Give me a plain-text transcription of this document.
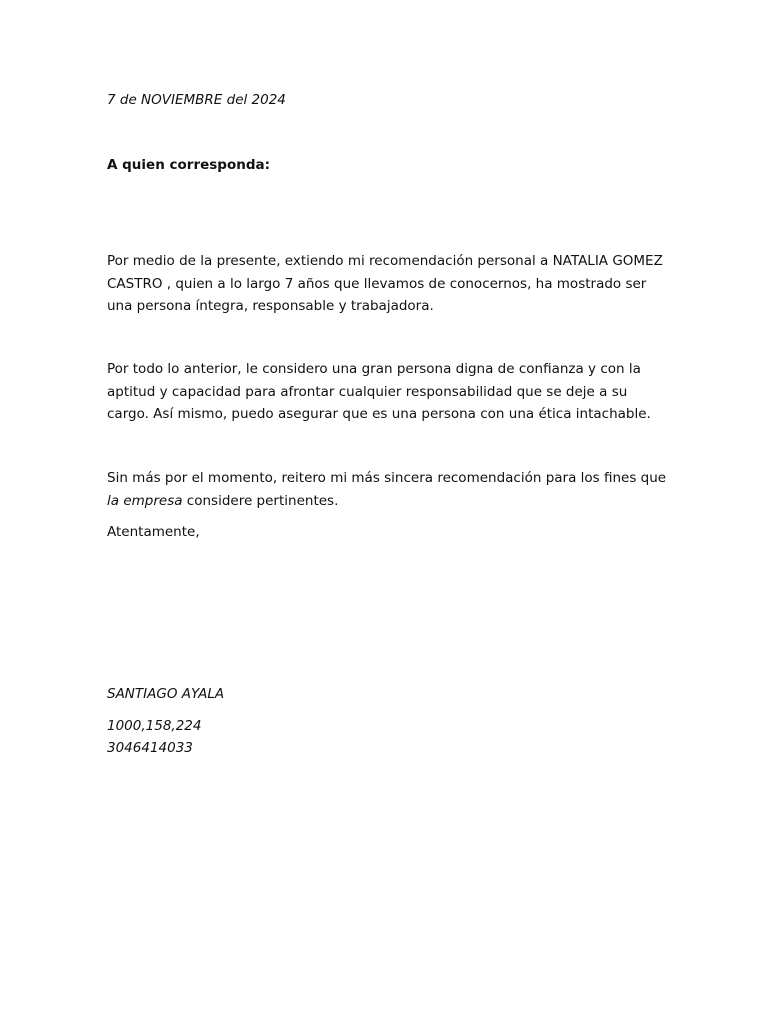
7 de NOVIEMBRE del 2024

A quien corresponda:

Por medio de la presente, extiendo mi recomendación personal a NATALIA GOMEZ CASTRO , quien a lo largo 7 años que llevamos de conocernos, ha mostrado ser una persona íntegra, responsable y trabajadora.

Por todo lo anterior, le considero una gran persona digna de confianza y con la aptitud y capacidad para afrontar cualquier responsabilidad que se deje a su cargo. Así mismo, puedo asegurar que es una persona con una ética intachable.

Sin más por el momento, reitero mi más sincera recomendación para los fines que la empresa considere pertinentes.

Atentamente,

SANTIAGO AYALA

1000,158,224

3046414033
